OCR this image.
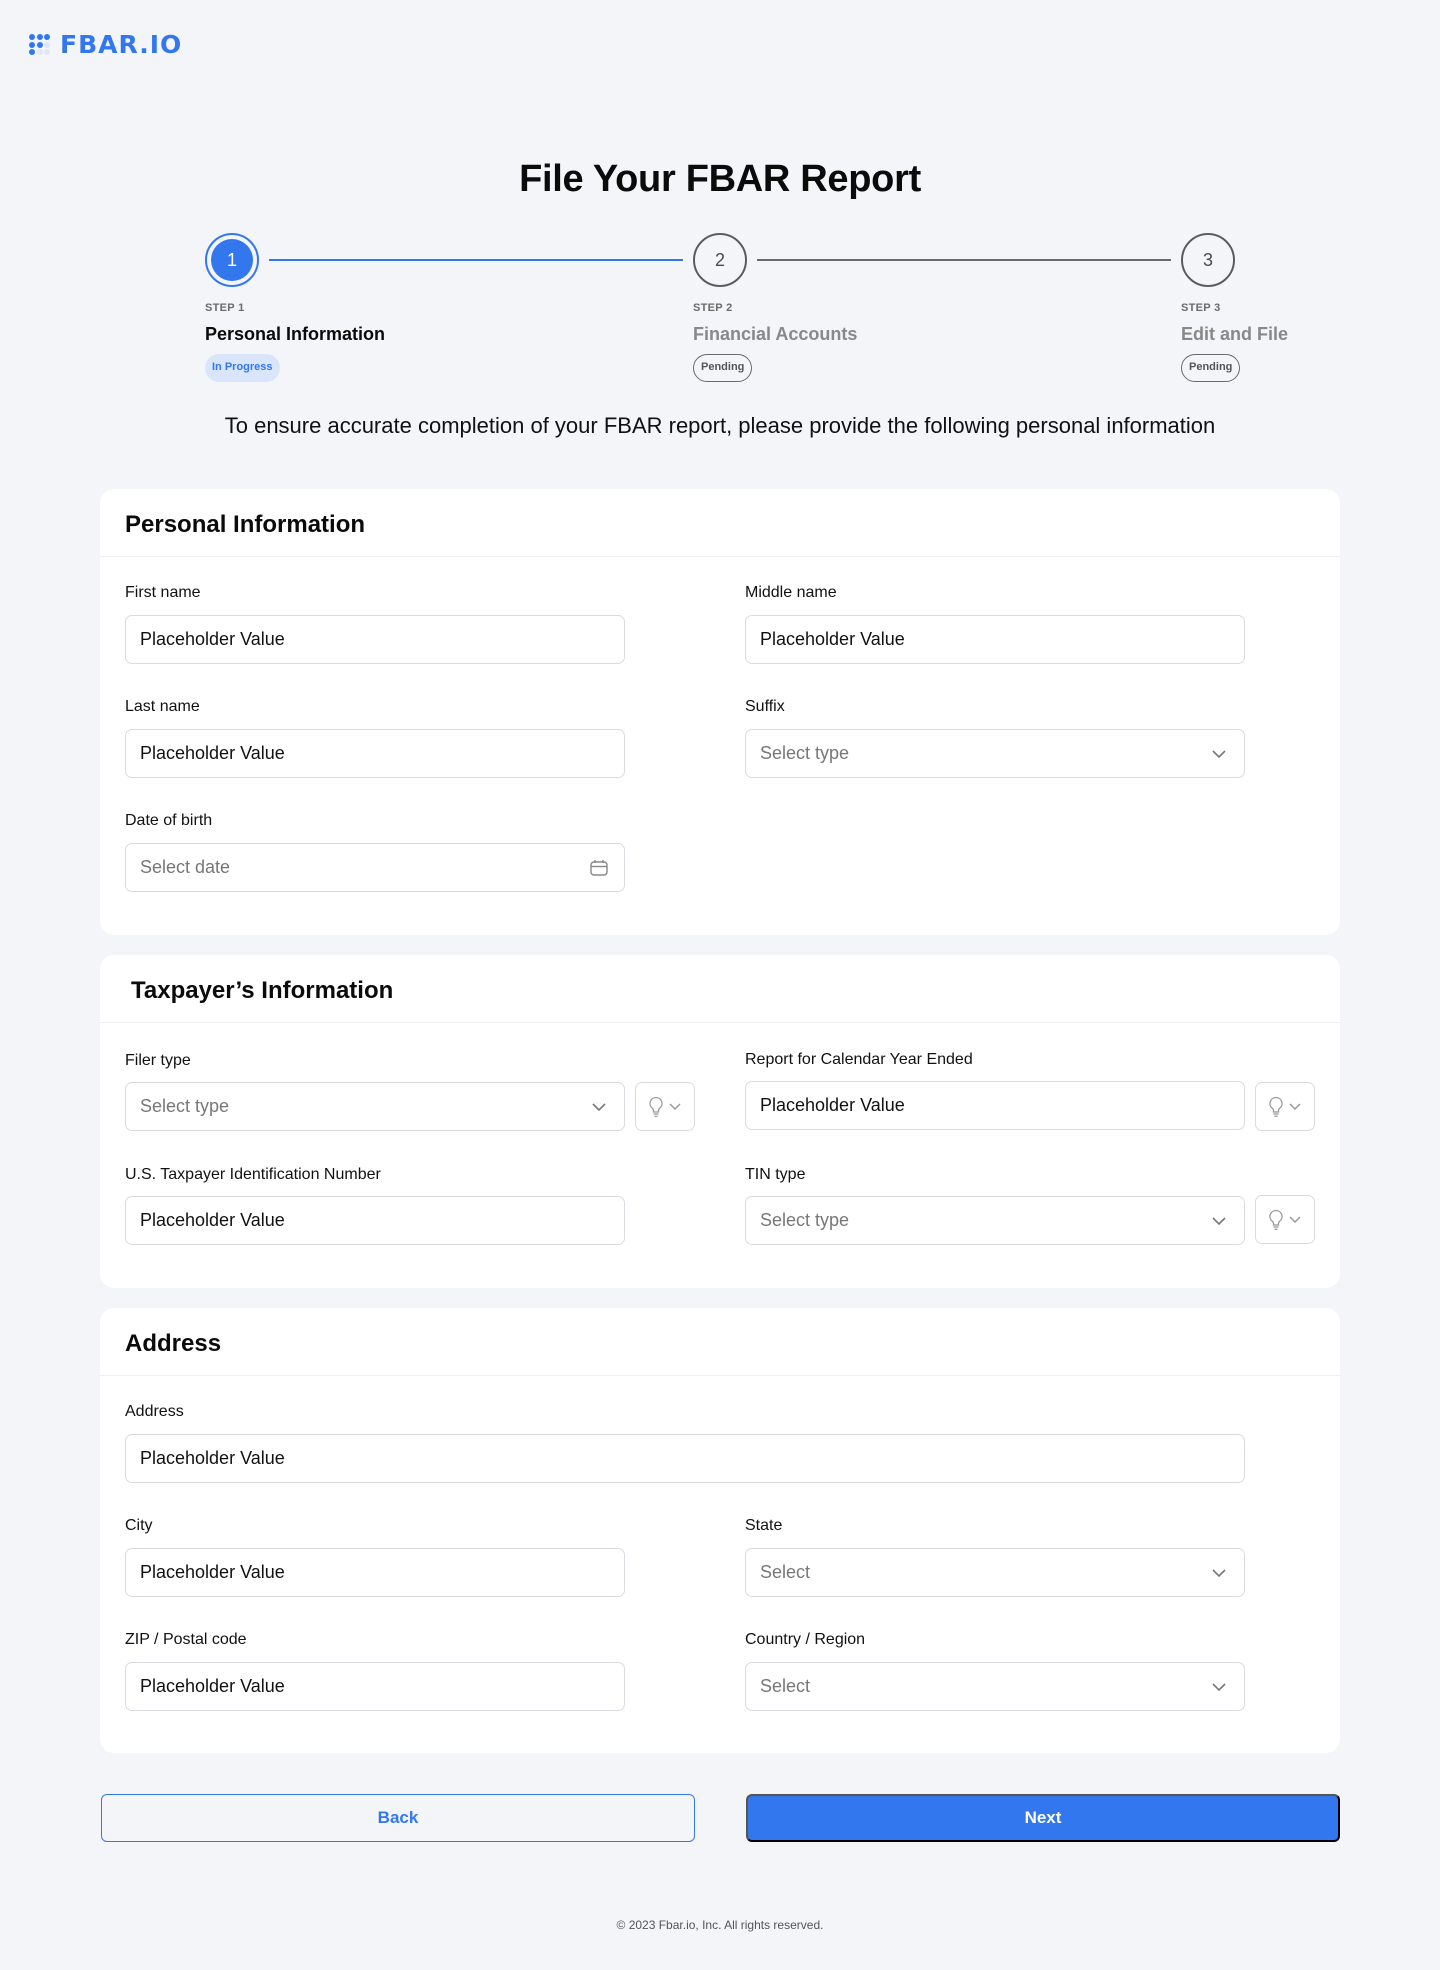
FBAR.IO
File Your FBAR Report
1
STEP 1
Personal Information
In Progress
2
STEP 2
Financial Accounts
Pending
3
STEP 3
Edit and File
Pending

To ensure accurate completion of your FBAR report, please provide the following personal information

Personal Information
First name
Placeholder Value
Middle name
Placeholder Value
Last name
Placeholder Value
Suffix
Select type
Date of birth
Select date
Taxpayer’s Information
Filer type
Select type
Report for Calendar Year Ended
Placeholder Value
U.S. Taxpayer Identification Number
Placeholder Value
TIN type
Select type
Address
Address
Placeholder Value
City
Placeholder Value
State
Select
ZIP / Postal code
Placeholder Value
Country / Region
Select
Back	Next
© 2023 Fbar.io, Inc. All rights reserved.
